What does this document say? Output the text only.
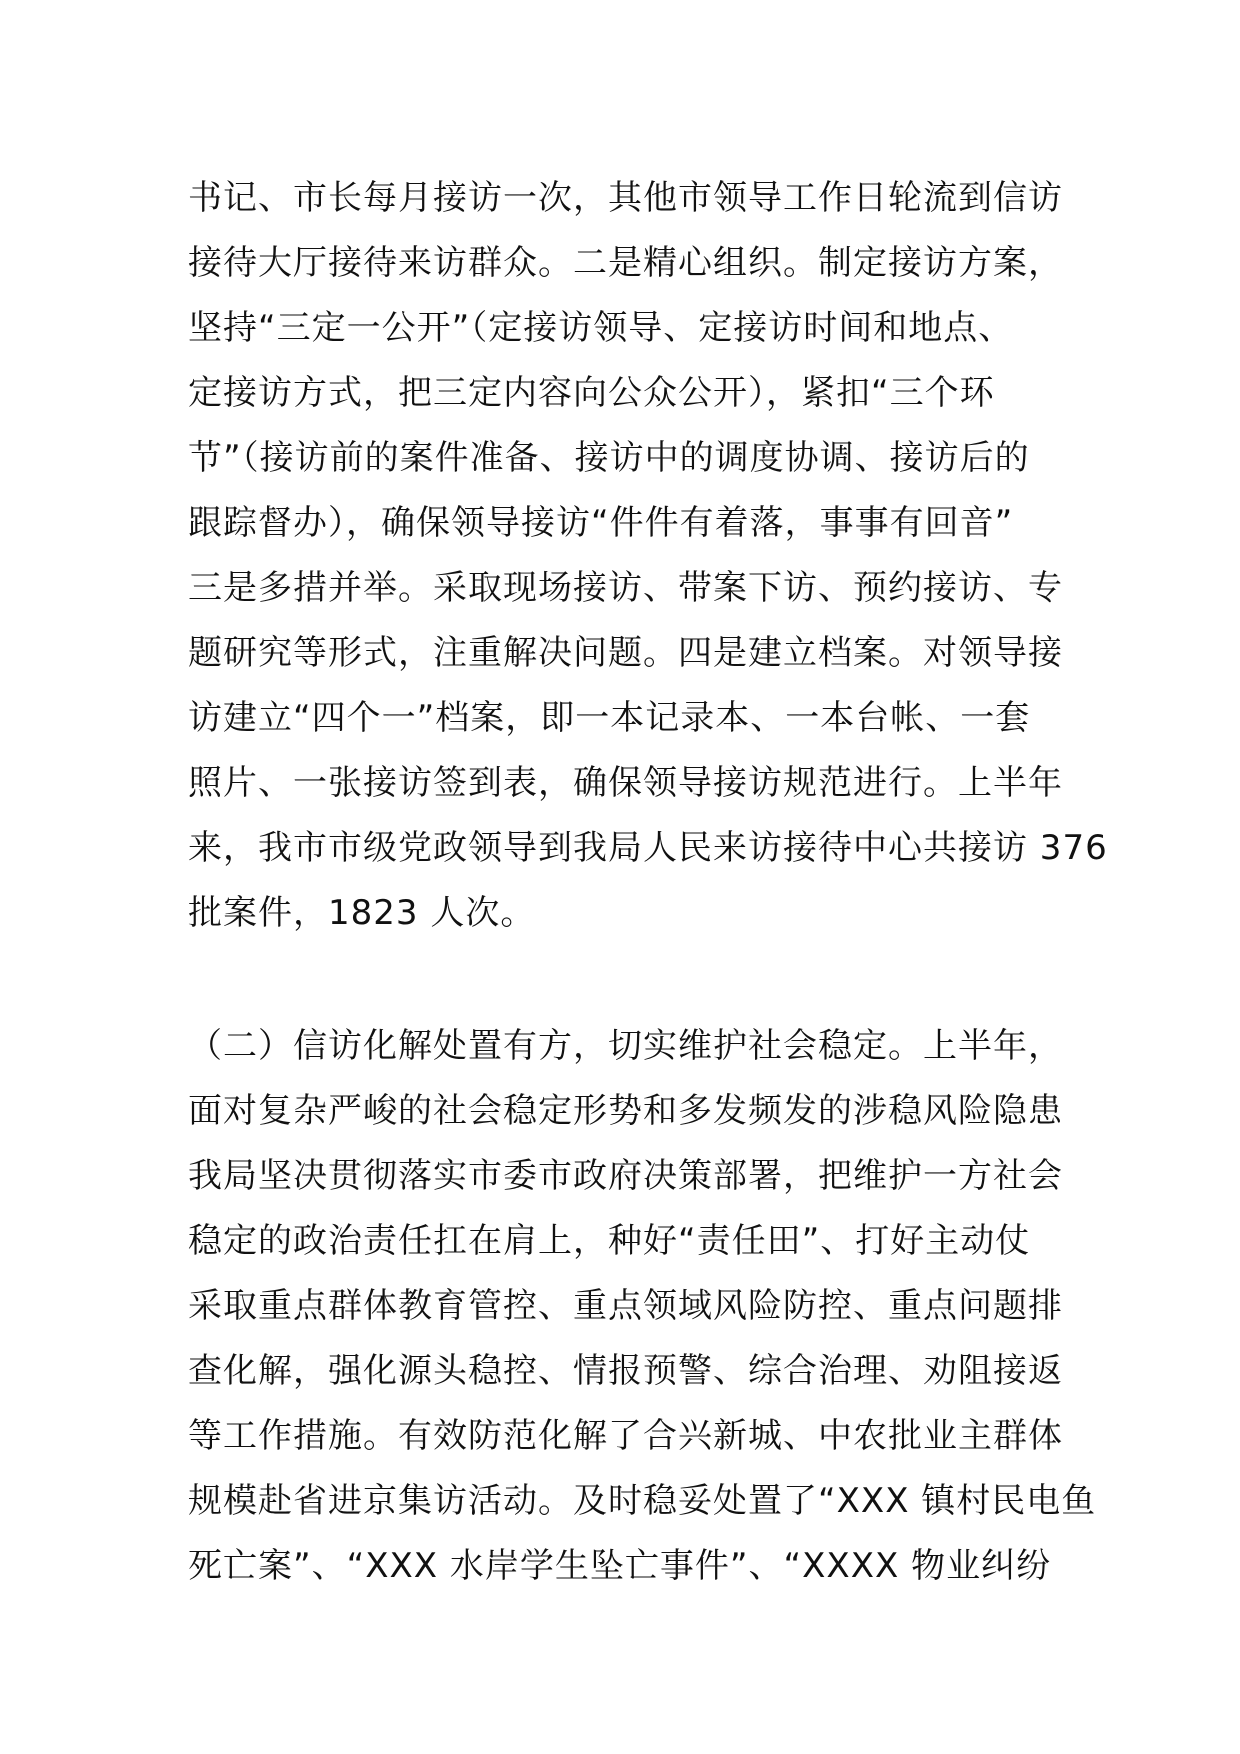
书记、市长每月接访一次，其他市领导工作日轮流到信访
接待大厅接待来访群众。二是精心组织。制定接访方案，
坚持“三定一公开”（定接访领导、定接访时间和地点、
定接访方式，把三定内容向公众公开），紧扣“三个环
节”（接访前的案件准备、接访中的调度协调、接访后的
跟踪督办），确保领导接访“件件有着落，事事有回音”
三是多措并举。采取现场接访、带案下访、预约接访、专
题研究等形式，注重解决问题。四是建立档案。对领导接
访建立“四个一”档案，即一本记录本、一本台帐、一套
照片、一张接访签到表，确保领导接访规范进行。上半年
来，我市市级党政领导到我局人民来访接待中心共接访 376
批案件，1823 人次。
（二）信访化解处置有方，切实维护社会稳定。上半年，
面对复杂严峻的社会稳定形势和多发频发的涉稳风险隐患
我局坚决贯彻落实市委市政府决策部署，把维护一方社会
稳定的政治责任扛在肩上，种好“责任田”、打好主动仗
采取重点群体教育管控、重点领域风险防控、重点问题排
查化解，强化源头稳控、情报预警、综合治理、劝阻接返
等工作措施。有效防范化解了合兴新城、中农批业主群体
规模赴省进京集访活动。及时稳妥处置了“XXX 镇村民电鱼
死亡案”、“XXX 水岸学生坠亡事件”、“XXXX 物业纠纷
